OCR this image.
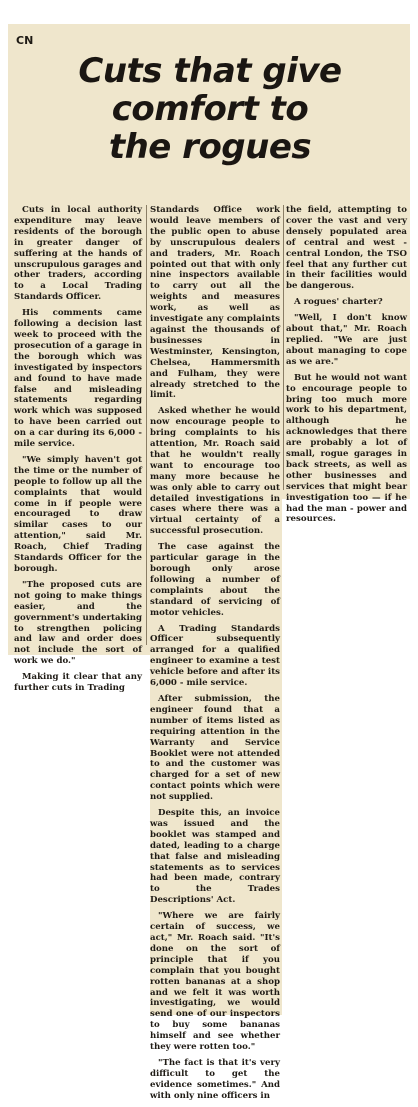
CN
Cuts that give
comfort to
the rogues

Cuts in local authority expenditure may leave residents of the borough in greater danger of suffering at the hands of unscrupulous garages and other traders, according to a Local Trading Standards Officer.

His comments came following a decision last week to proceed with the prosecution of a garage in the borough which was investigated by inspectors and found to have made false and misleading statements regarding work which was supposed to have been carried out on a car during its 6,000 - mile service.

"We simply haven't got the time or the number of people to follow up all the complaints that would come in if people were encouraged to draw similar cases to our attention," said Mr. Roach, Chief Trading Standards Officer for the borough.

"The proposed cuts are not going to make things easier, and the government's undertaking to strengthen policing and law and order does not include the sort of work we do."

Making it clear that any further cuts in Trading

Standards Office work would leave members of the public open to abuse by unscrupulous dealers and traders, Mr. Roach pointed out that with only nine inspectors available to carry out all the weights and measures work, as well as investigate any complaints against the thousands of businesses in Westminster, Kensington, Chelsea, Hammersmith and Fulham, they were already stretched to the limit.

Asked whether he would now encourage people to bring complaints to his attention, Mr. Roach said that he wouldn't really want to encourage too many more because he was only able to carry out detailed investigations in cases where there was a virtual certainty of a successful prosecution.

The case against the particular garage in the borough only arose following a number of complaints about the standard of servicing of motor vehicles.

A Trading Standards Officer subsequently arranged for a qualified engineer to examine a test vehicle before and after its 6,000 - mile service.

After submission, the engineer found that a number of items listed as requiring attention in the Warranty and Service Booklet were not attended to and the customer was charged for a set of new contact points which were not supplied.

Despite this, an invoice was issued and the booklet was stamped and dated, leading to a charge that false and misleading statements as to services had been made, contrary to the Trades Descriptions' Act.

"Where we are fairly certain of success, we act," Mr. Roach said. "It's done on the sort of principle that if you complain that you bought rotten bananas at a shop and we felt it was worth investigating, we would send one of our inspectors to buy some bananas himself and see whether they were rotten too."

"The fact is that it's very difficult to get the evidence sometimes." And with only nine officers in

the field, attempting to cover the vast and very densely populated area of central and west - central London, the TSO feel that any further cut in their facilities would be dangerous.

A rogues' charter?

"Well, I don't know about that," Mr. Roach replied. "We are just about managing to cope as we are."

But he would not want to encourage people to bring too much more work to his department, although he acknowledges that there are probably a lot of small, rogue garages in back streets, as well as other businesses and services that might bear investigation too — if he had the man - power and resources.
